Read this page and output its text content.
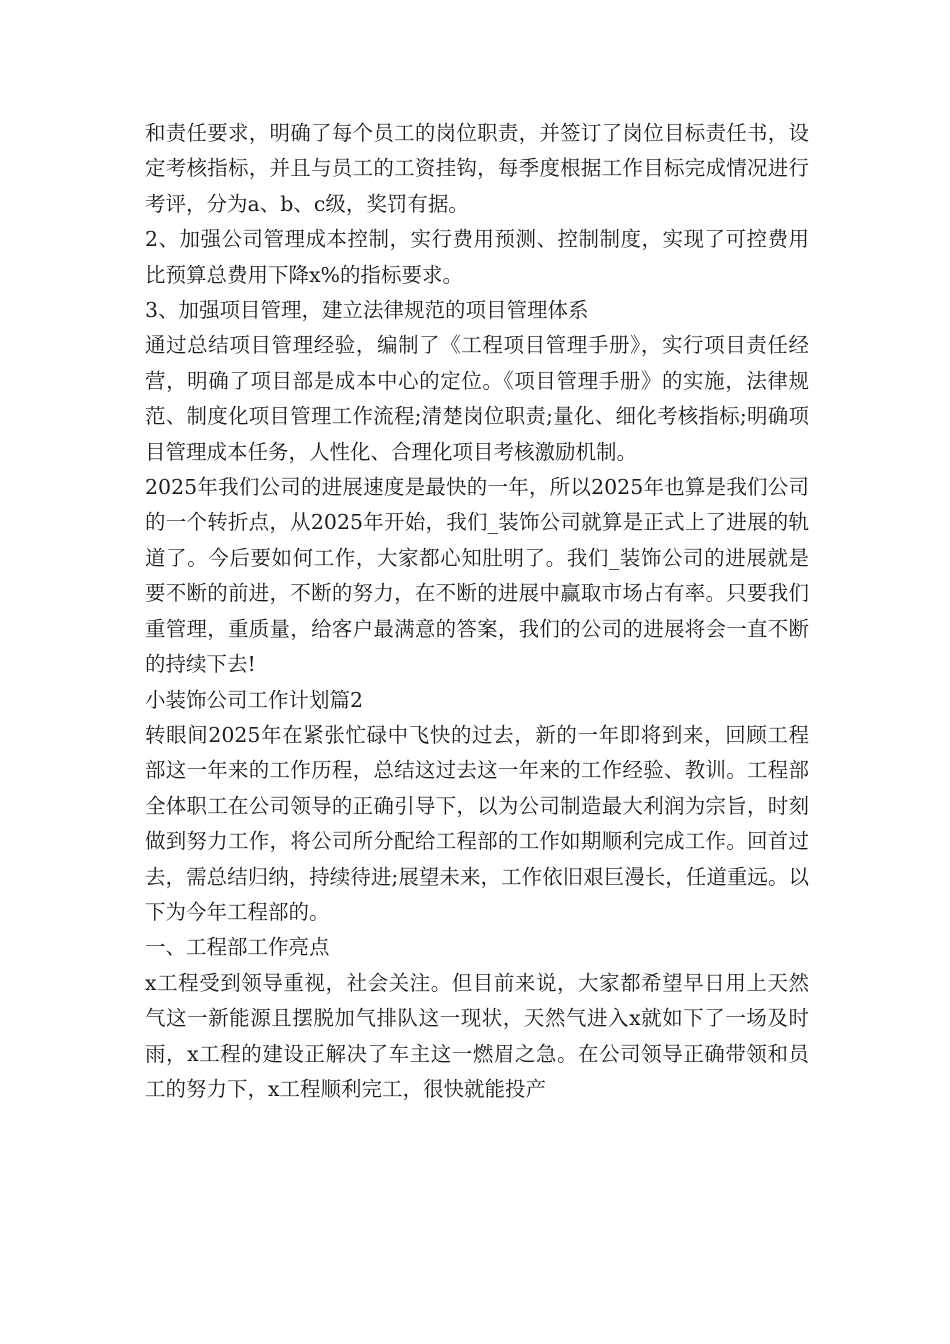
和责任要求，明确了每个员工的岗位职责，并签订了岗位目标责任书，设定考核指标，并且与员工的工资挂钩，每季度根据工作目标完成情况进行考评，分为a、b、c级，奖罚有据。

2、加强公司管理成本控制，实行费用预测、控制制度，实现了可控费用比预算总费用下降x%的指标要求。

3、加强项目管理，建立法律规范的项目管理体系

通过总结项目管理经验，编制了《工程项目管理手册》，实行项目责任经营，明确了项目部是成本中心的定位。《项目管理手册》的实施，法律规范、制度化项目管理工作流程;清楚岗位职责;量化、细化考核指标;明确项目管理成本任务，人性化、合理化项目考核激励机制。

2025年我们公司的进展速度是最快的一年，所以2025年也算是我们公司的一个转折点，从2025年开始，我们_装饰公司就算是正式上了进展的轨道了。今后要如何工作，大家都心知肚明了。我们_装饰公司的进展就是要不断的前进，不断的努力，在不断的进展中赢取市场占有率。只要我们重管理，重质量，给客户最满意的答案，我们的公司的进展将会一直不断的持续下去!

小装饰公司工作计划篇2

转眼间2025年在紧张忙碌中飞快的过去，新的一年即将到来，回顾工程部这一年来的工作历程，总结这过去这一年来的工作经验、教训。工程部全体职工在公司领导的正确引导下，以为公司制造最大利润为宗旨，时刻做到努力工作，将公司所分配给工程部的工作如期顺利完成工作。回首过去，需总结归纳，持续待进;展望未来，工作依旧艰巨漫长，任道重远。以下为今年工程部的。

一、工程部工作亮点

x工程受到领导重视，社会关注。但目前来说，大家都希望早日用上天然气这一新能源且摆脱加气排队这一现状，天然气进入x就如下了一场及时雨，x工程的建设正解决了车主这一燃眉之急。在公司领导正确带领和员工的努力下，x工程顺利完工，很快就能投产
